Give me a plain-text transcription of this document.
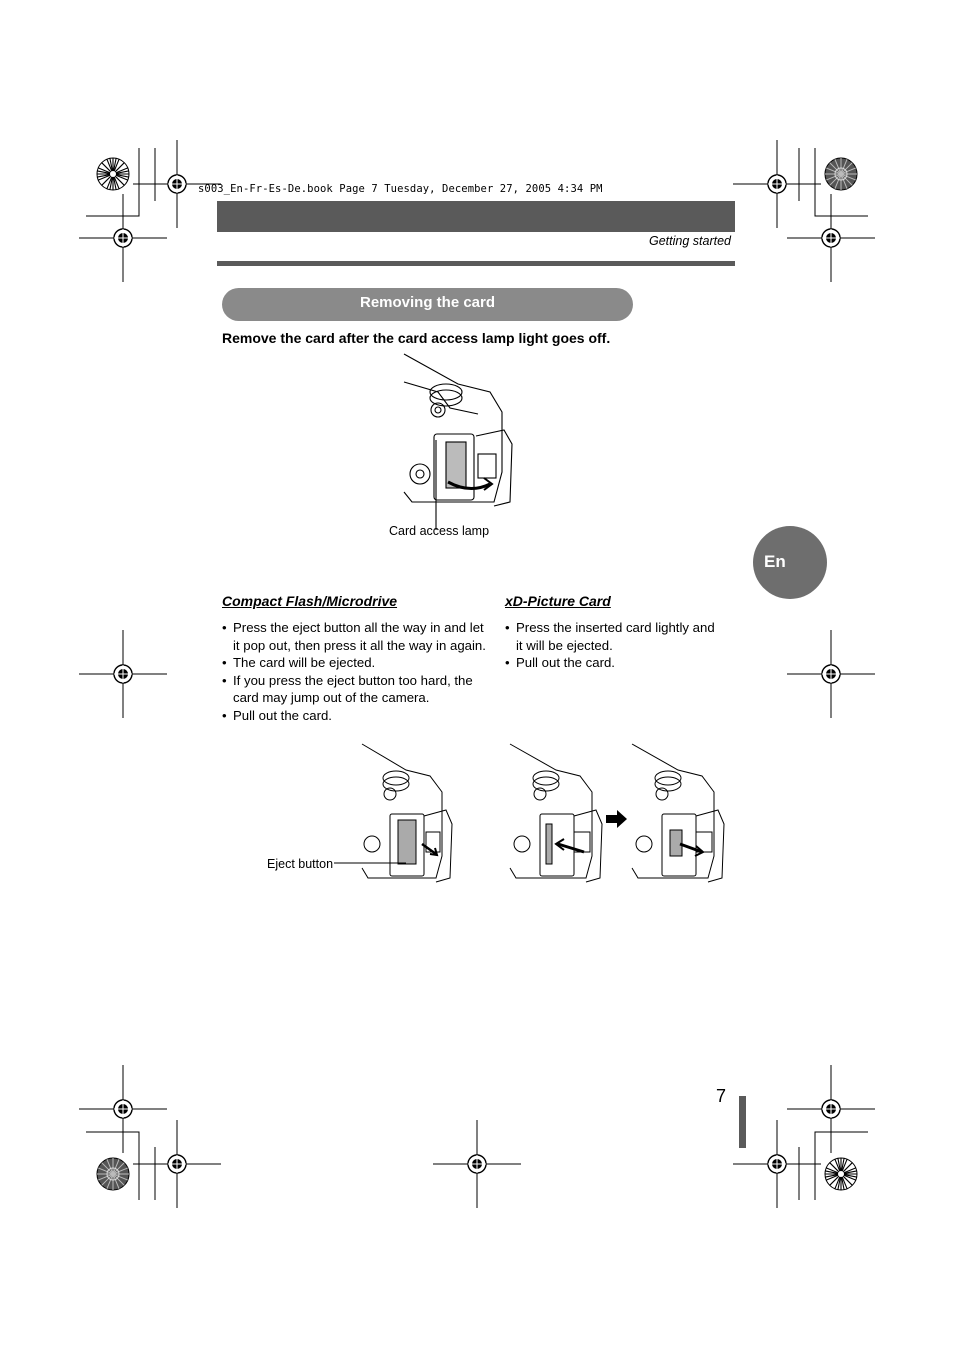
s003_En-Fr-Es-De.book Page 7 Tuesday, December 27, 2005 4:34 PM
Getting started
Removing the card
Remove the card after the card access lamp light goes off.
Card access lamp
En
Compact Flash/Microdrive
• Press the eject button all the way in and let it pop out, then press it all the way in again.
• The card will be ejected.
• If you press the eject button too hard, the card may jump out of the camera.
• Pull out the card.
xD-Picture Card
• Press the inserted card lightly and it will be ejected.
• Pull out the card.
Eject button
7
